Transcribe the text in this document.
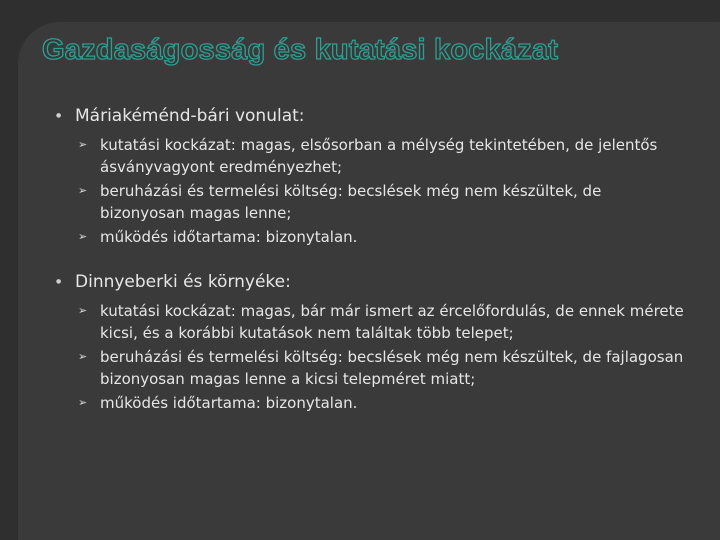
Gazdaságosság és kutatási kockázat

● Máriakéménd-bári vonulat:

➢ kutatási kockázat: magas, elsősorban a mélység tekintetében, de jelentős ásványvagyont eredményezhet;
➢ beruházási és termelési költség: becslések még nem készültek, de bizonyosan magas lenne;
➢ működés időtartama: bizonytalan.

● Dinnyeberki és környéke:

➢ kutatási kockázat: magas, bár már ismert az ércelőfordulás, de ennek mérete kicsi, és a korábbi kutatások nem találtak több telepet;
➢ beruházási és termelési költség: becslések még nem készültek, de fajlagosan bizonyosan magas lenne a kicsi telepméret miatt;
➢ működés időtartama: bizonytalan.
